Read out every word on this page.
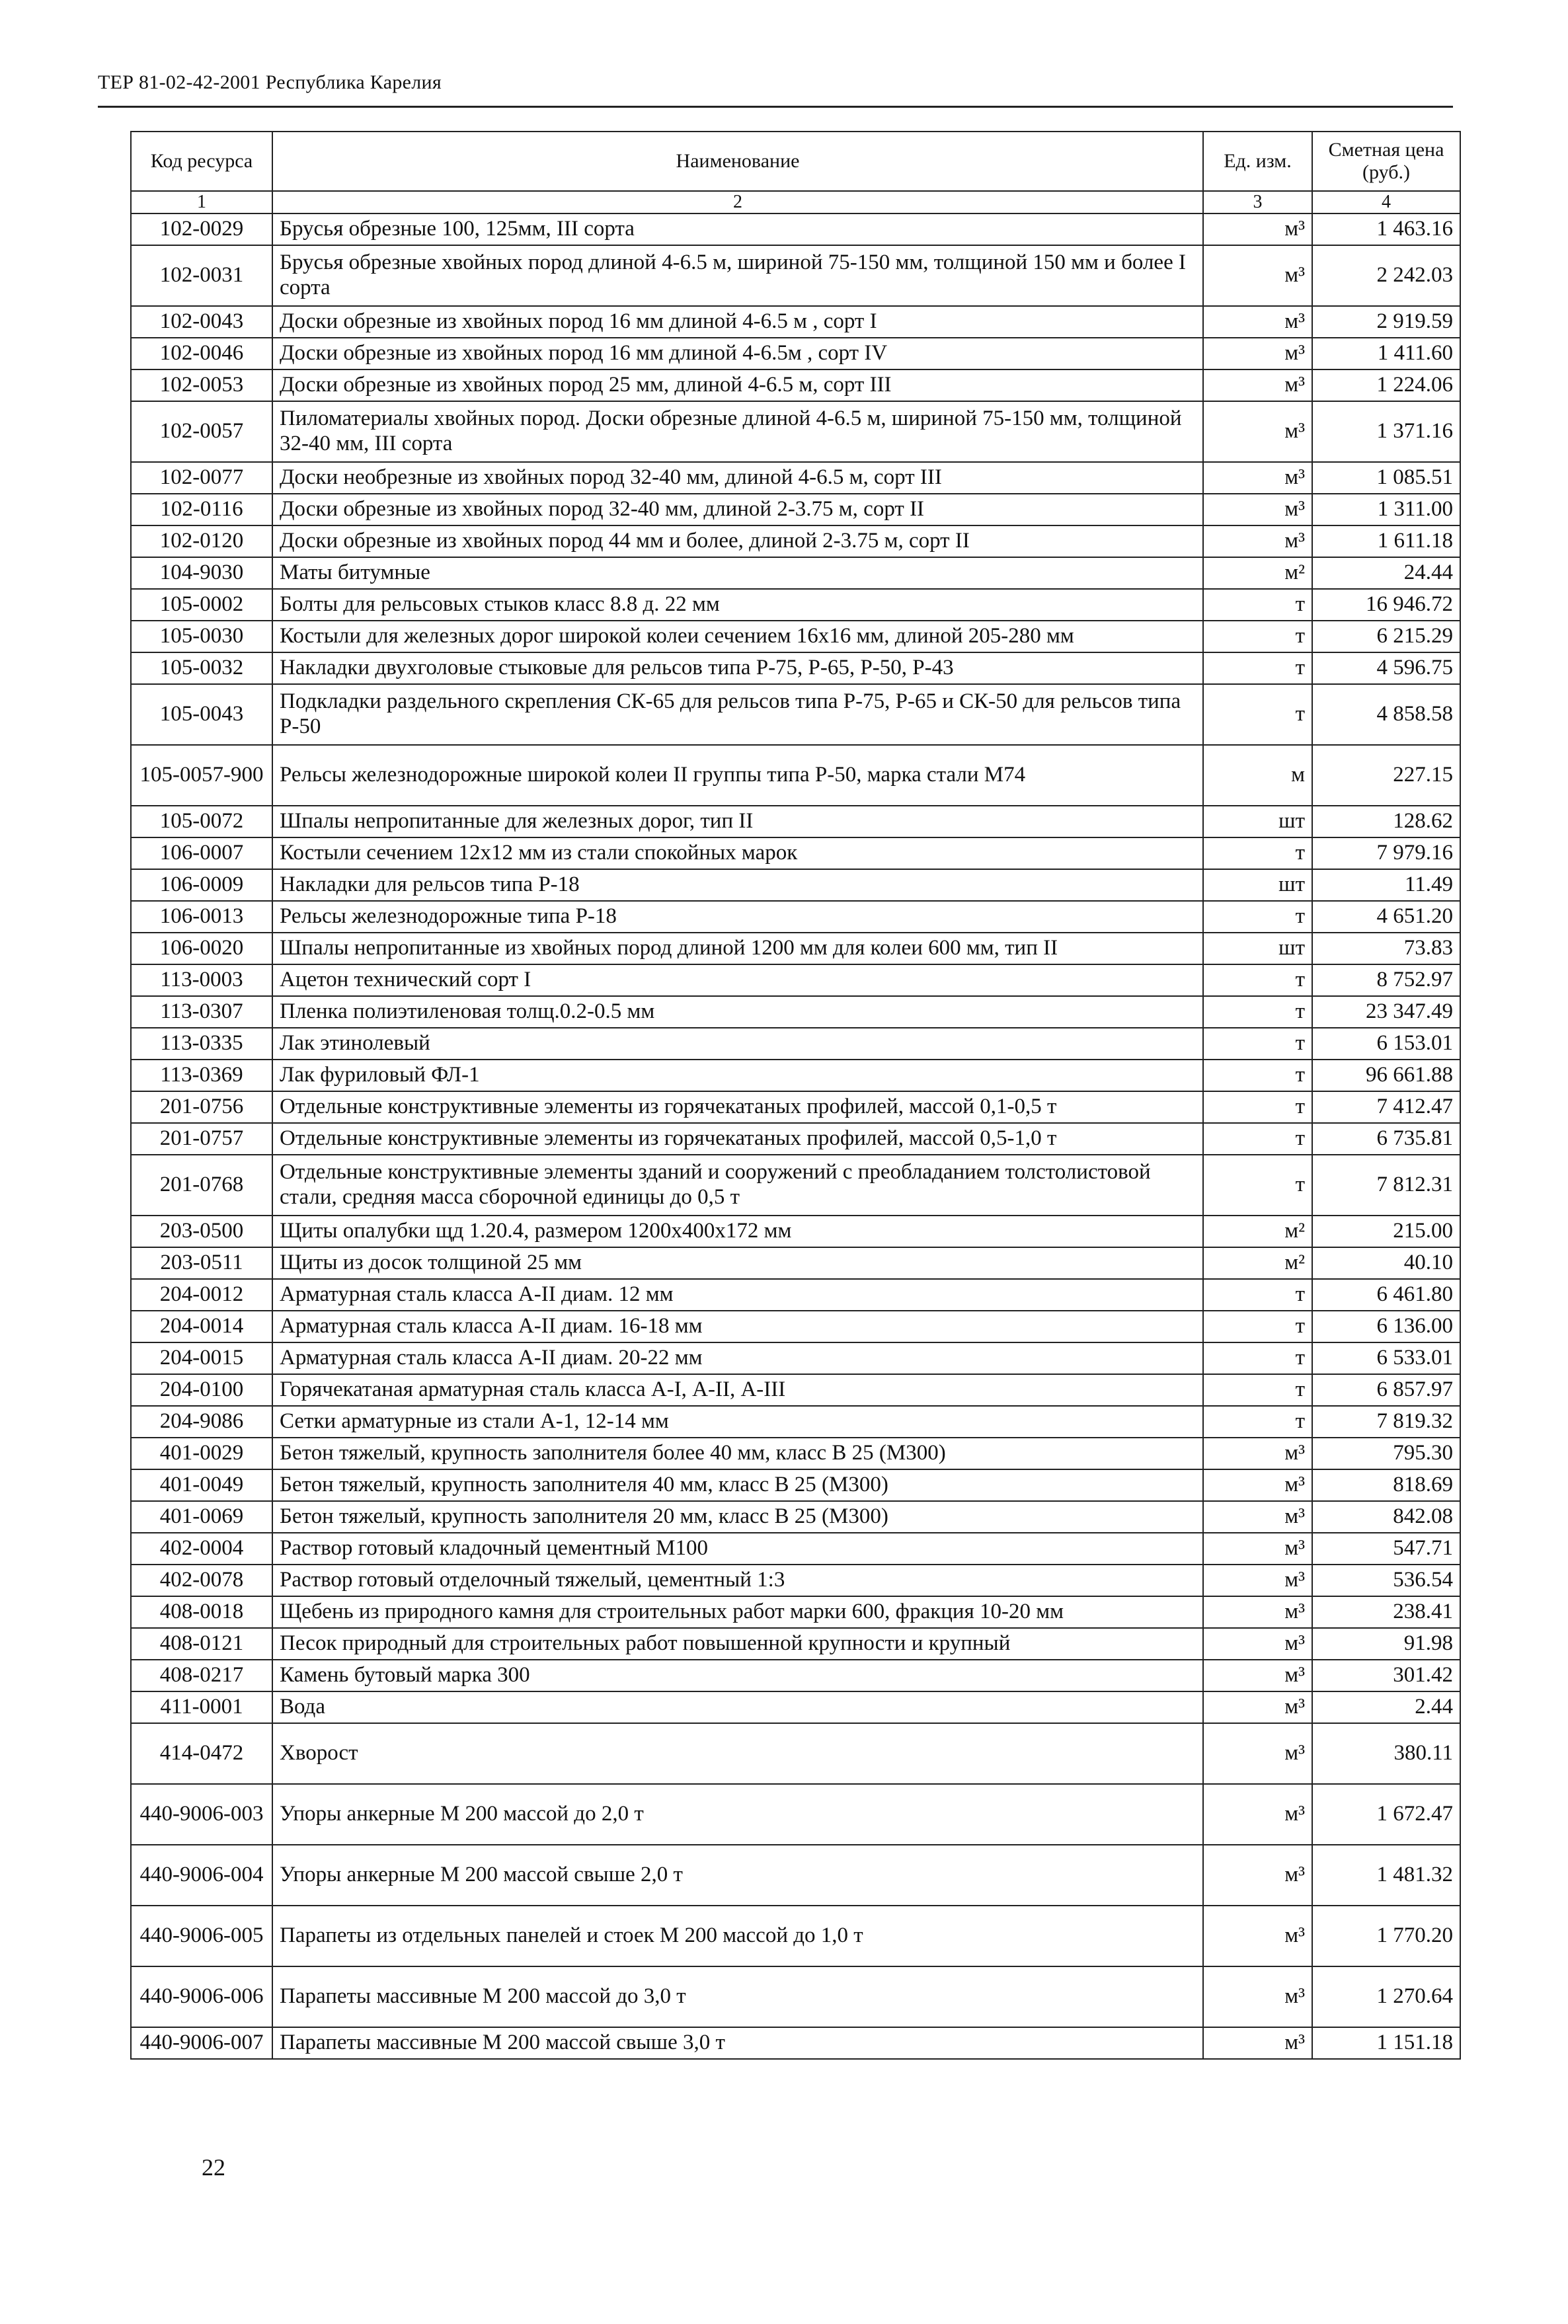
ТЕР 81-02-42-2001 Республика Карелия
Код ресурса	Наименование	Ед. изм.	Сметная цена (руб.)
1	2	3	4
102-0029	Брусья обрезные 100, 125мм, III сорта	м³	1 463.16
102-0031	Брусья обрезные хвойных пород длиной 4-6.5 м, шириной 75-150 мм, толщиной 150 мм и более I сорта	м³	2 242.03
102-0043	Доски обрезные из хвойных пород 16 мм длиной 4-6.5 м , сорт I	м³	2 919.59
102-0046	Доски обрезные из хвойных пород 16 мм длиной 4-6.5м , сорт IV	м³	1 411.60
102-0053	Доски обрезные из хвойных пород 25 мм, длиной 4-6.5 м, сорт III	м³	1 224.06
102-0057	Пиломатериалы хвойных пород. Доски обрезные длиной 4-6.5 м, шириной 75-150 мм, толщиной 32-40 мм, III сорта	м³	1 371.16
102-0077	Доски необрезные из хвойных пород 32-40 мм, длиной 4-6.5 м, сорт III	м³	1 085.51
102-0116	Доски обрезные из хвойных пород 32-40 мм, длиной 2-3.75 м, сорт II	м³	1 311.00
102-0120	Доски обрезные из хвойных пород 44 мм и более, длиной 2-3.75 м, сорт II	м³	1 611.18
104-9030	Маты битумные	м²	24.44
105-0002	Болты для рельсовых стыков класс 8.8 д. 22 мм	т	16 946.72
105-0030	Костыли для железных дорог широкой колеи сечением 16х16 мм, длиной 205-280 мм	т	6 215.29
105-0032	Накладки двухголовые стыковые для рельсов типа Р-75, Р-65, Р-50, Р-43	т	4 596.75
105-0043	Подкладки раздельного скрепления СК-65 для рельсов типа Р-75, Р-65 и СК-50 для рельсов типа Р-50	т	4 858.58
105-0057-900	Рельсы железнодорожные широкой колеи II группы типа Р-50, марка стали М74	м	227.15
105-0072	Шпалы непропитанные для железных дорог, тип II	шт	128.62
106-0007	Костыли сечением 12х12 мм из стали спокойных марок	т	7 979.16
106-0009	Накладки для рельсов типа Р-18	шт	11.49
106-0013	Рельсы железнодорожные типа Р-18	т	4 651.20
106-0020	Шпалы непропитанные из хвойных пород длиной 1200 мм для колеи 600 мм, тип II	шт	73.83
113-0003	Ацетон технический сорт I	т	8 752.97
113-0307	Пленка полиэтиленовая толщ.0.2-0.5 мм	т	23 347.49
113-0335	Лак этинолевый	т	6 153.01
113-0369	Лак фуриловый ФЛ-1	т	96 661.88
201-0756	Отдельные конструктивные элементы из горячекатаных профилей, массой 0,1-0,5 т	т	7 412.47
201-0757	Отдельные конструктивные элементы из горячекатаных профилей, массой 0,5-1,0 т	т	6 735.81
201-0768	Отдельные конструктивные элементы зданий и сооружений с преобладанием толстолистовой стали, средняя масса сборочной единицы до 0,5 т	т	7 812.31
203-0500	Щиты опалубки щд 1.20.4, размером 1200х400х172 мм	м²	215.00
203-0511	Щиты из досок толщиной 25 мм	м²	40.10
204-0012	Арматурная сталь класса А-II диам. 12 мм	т	6 461.80
204-0014	Арматурная сталь класса А-II диам. 16-18 мм	т	6 136.00
204-0015	Арматурная сталь класса А-II диам. 20-22 мм	т	6 533.01
204-0100	Горячекатаная арматурная сталь класса А-I, А-II, А-III	т	6 857.97
204-9086	Сетки арматурные из стали А-1, 12-14 мм	т	7 819.32
401-0029	Бетон тяжелый, крупность заполнителя более 40 мм, класс В 25 (М300)	м³	795.30
401-0049	Бетон тяжелый, крупность заполнителя 40 мм, класс В 25 (М300)	м³	818.69
401-0069	Бетон тяжелый, крупность заполнителя 20 мм, класс В 25 (М300)	м³	842.08
402-0004	Раствор готовый кладочный цементный М100	м³	547.71
402-0078	Раствор готовый отделочный тяжелый, цементный 1:3	м³	536.54
408-0018	Щебень из природного камня для строительных работ марки 600, фракция 10-20 мм	м³	238.41
408-0121	Песок природный для строительных работ повышенной крупности и крупный	м³	91.98
408-0217	Камень бутовый марка 300	м³	301.42
411-0001	Вода	м³	2.44
414-0472	Хворост	м³	380.11
440-9006-003	Упоры анкерные М 200 массой до 2,0 т	м³	1 672.47
440-9006-004	Упоры анкерные М 200 массой свыше 2,0 т	м³	1 481.32
440-9006-005	Парапеты из отдельных панелей и стоек М 200 массой до 1,0 т	м³	1 770.20
440-9006-006	Парапеты массивные М 200 массой до 3,0 т	м³	1 270.64
440-9006-007	Парапеты массивные М 200 массой свыше 3,0 т	м³	1 151.18
22
